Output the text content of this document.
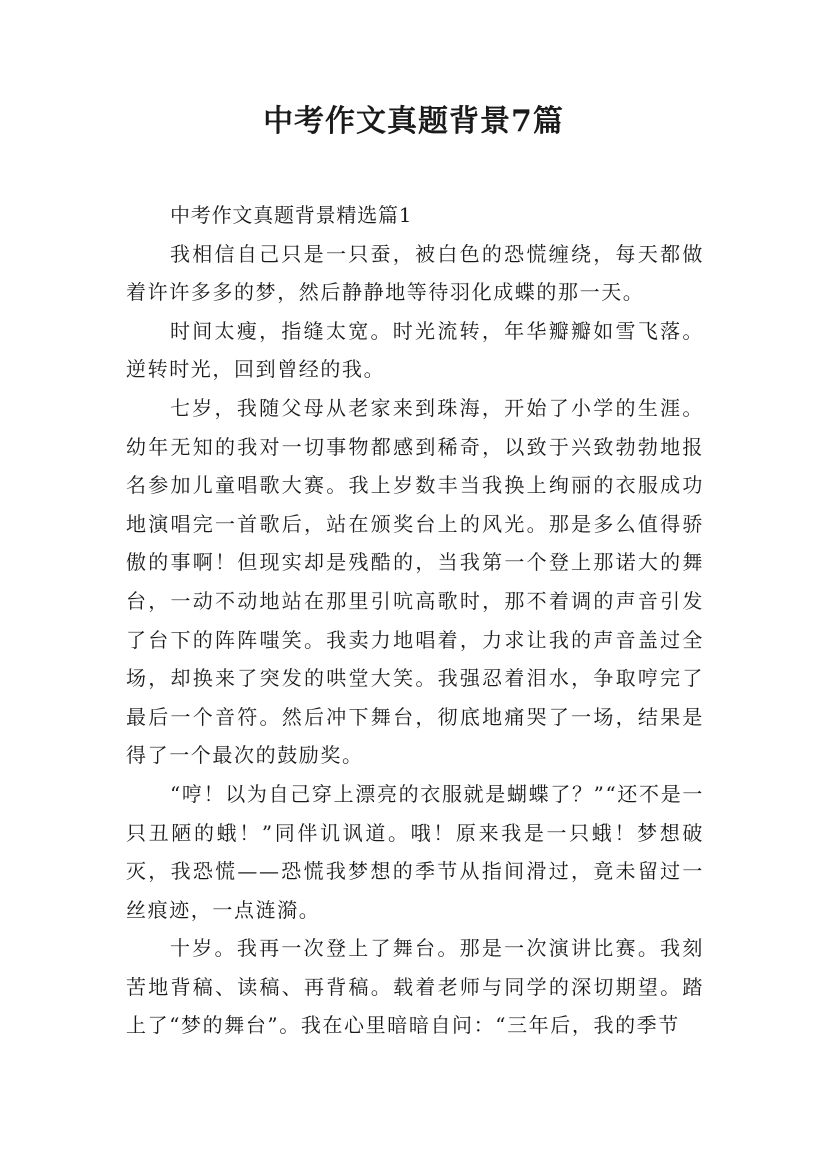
中考作文真题背景7篇

中考作文真题背景精选篇1

我相信自己只是一只蚕，被白色的恐慌缠绕，每天都做着许许多多的梦，然后静静地等待羽化成蝶的那一天。

时间太瘦，指缝太宽。时光流转，年华瓣瓣如雪飞落。逆转时光，回到曾经的我。

七岁，我随父母从老家来到珠海，开始了小学的生涯。幼年无知的我对一切事物都感到稀奇，以致于兴致勃勃地报名参加儿童唱歌大赛。我上岁数丰当我换上绚丽的衣服成功地演唱完一首歌后，站在颁奖台上的风光。那是多么值得骄傲的事啊！但现实却是残酷的，当我第一个登上那诺大的舞台，一动不动地站在那里引吭高歌时，那不着调的声音引发了台下的阵阵嗤笑。我卖力地唱着，力求让我的声音盖过全场，却换来了突发的哄堂大笑。我强忍着泪水，争取哼完了最后一个音符。然后冲下舞台，彻底地痛哭了一场，结果是得了一个最次的鼓励奖。

“哼！以为自己穿上漂亮的衣服就是蝴蝶了？”“还不是一只丑陋的蛾！”同伴讥讽道。哦！原来我是一只蛾！梦想破灭，我恐慌——恐慌我梦想的季节从指间滑过，竟未留过一丝痕迹，一点涟漪。

十岁。我再一次登上了舞台。那是一次演讲比赛。我刻苦地背稿、读稿、再背稿。载着老师与同学的深切期望。踏上了“梦的舞台”。我在心里暗暗自问：“三年后，我的季节
